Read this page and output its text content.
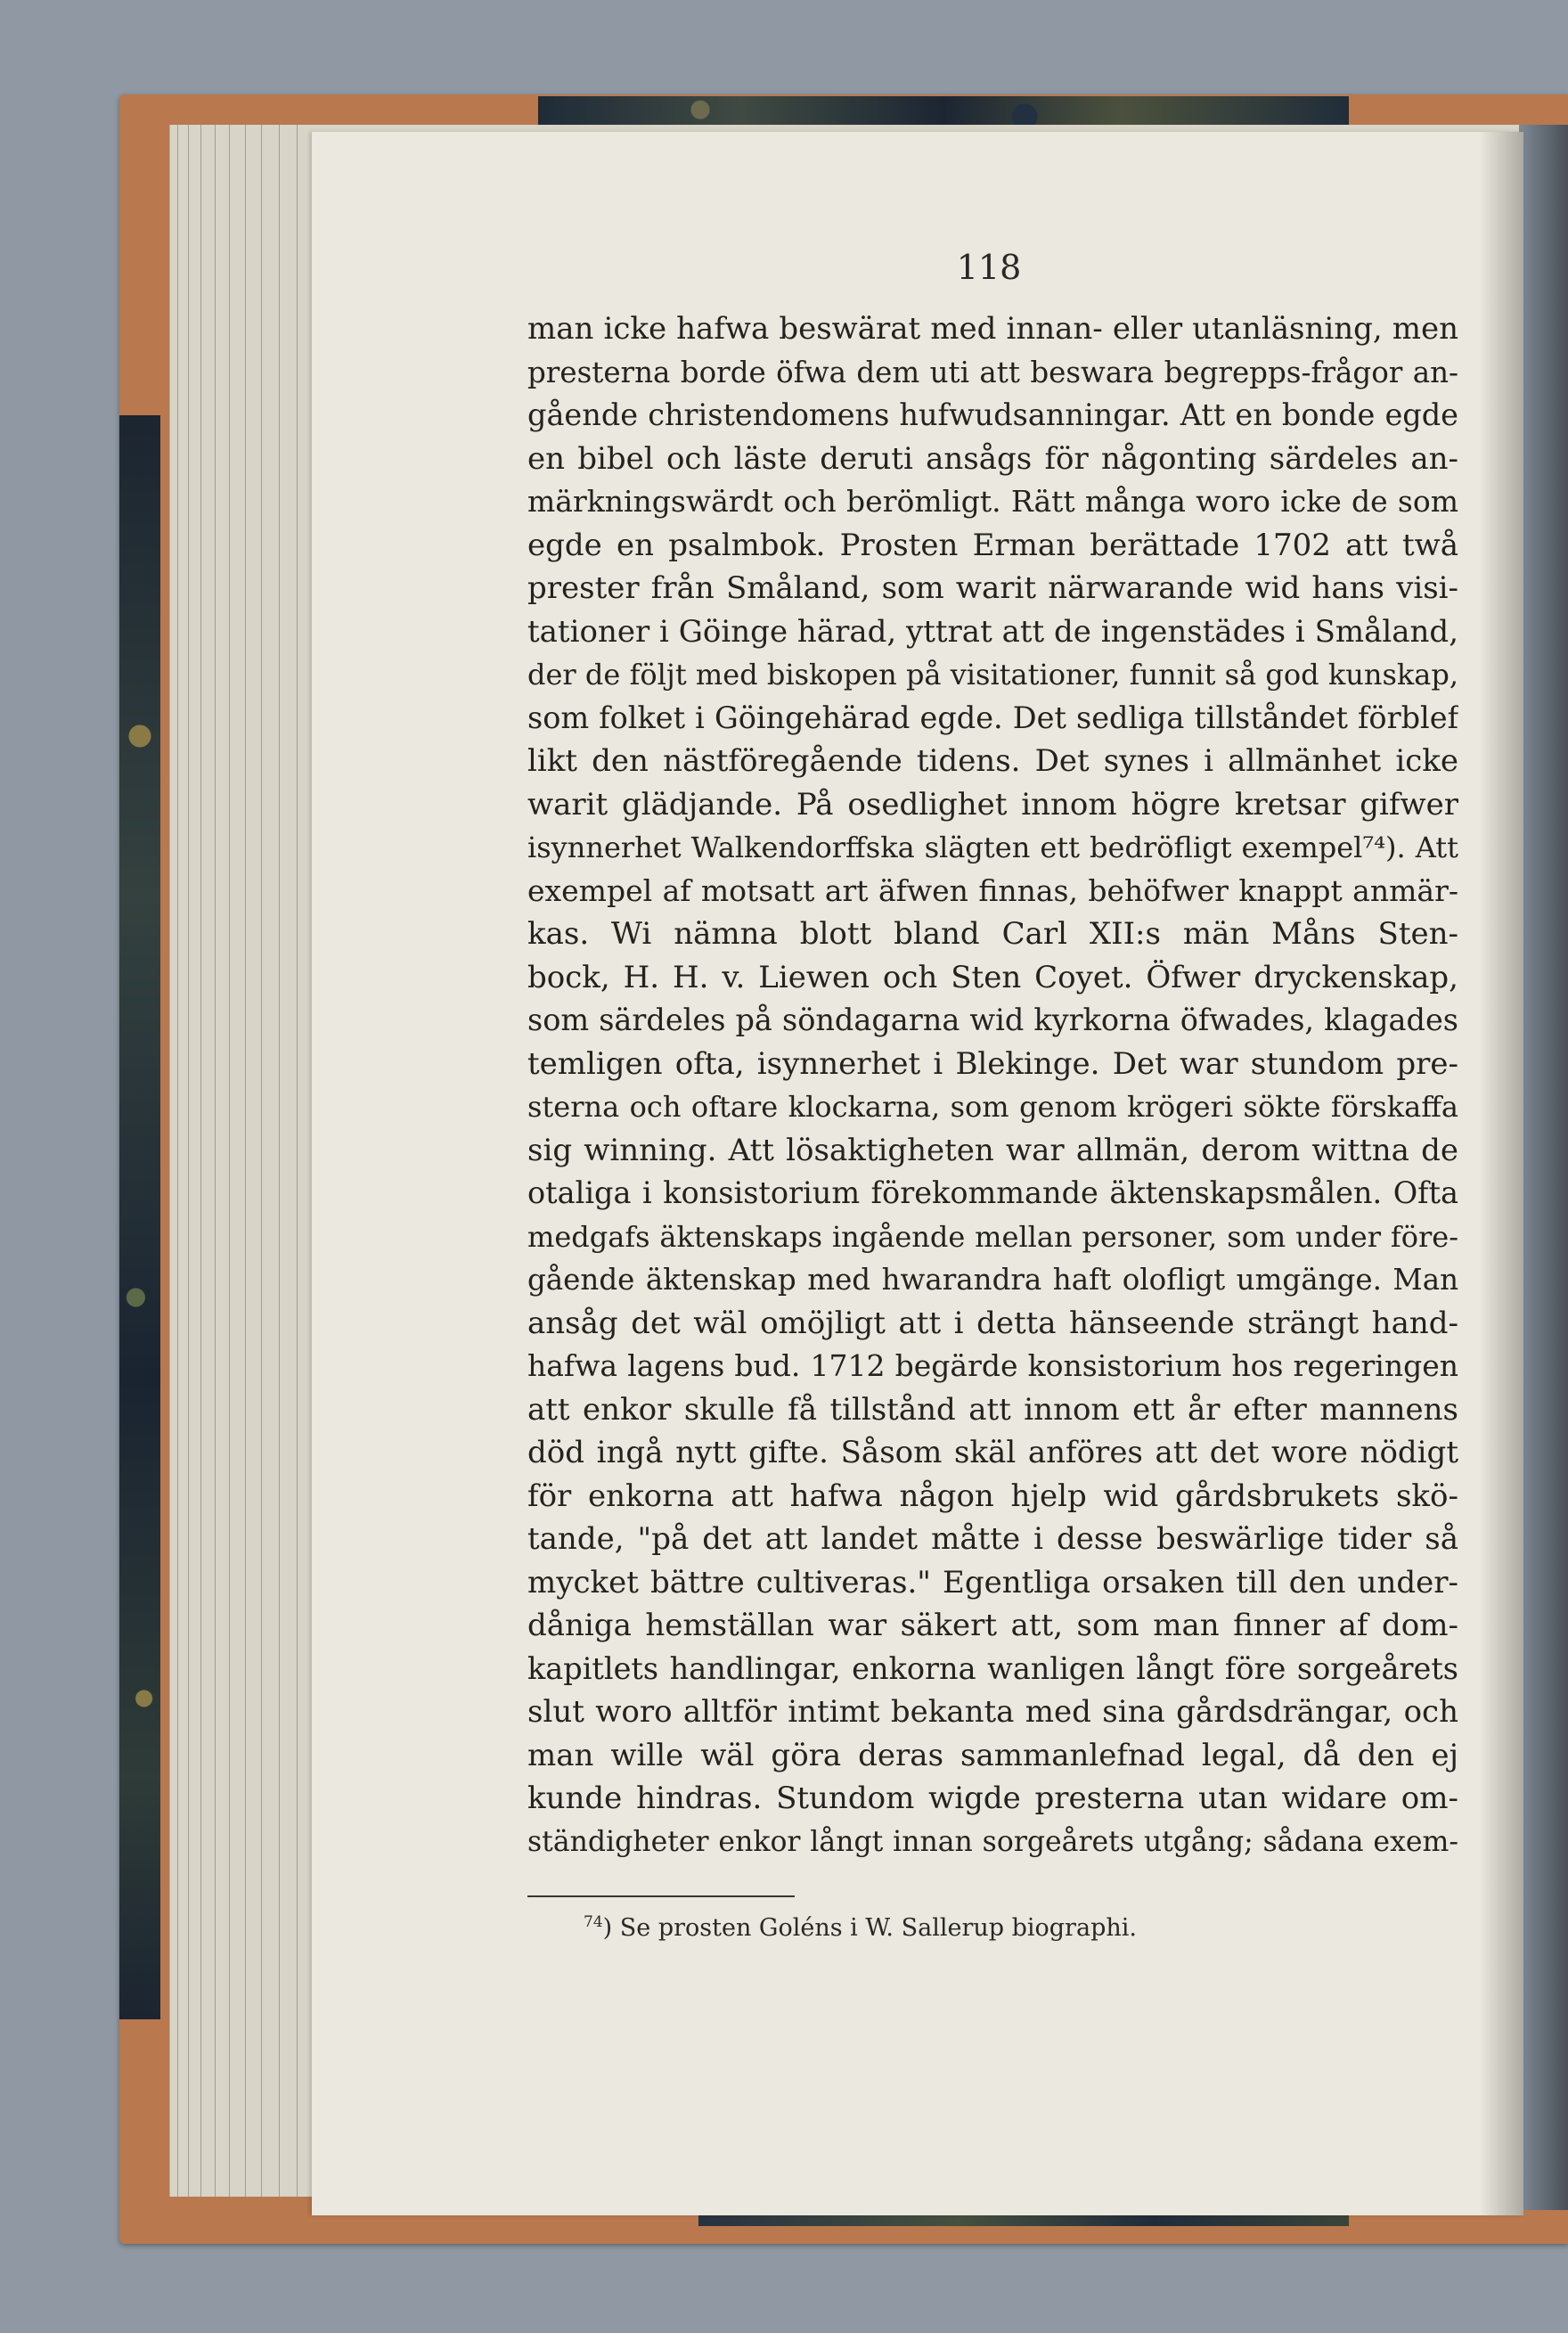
118
man icke hafwa beswärat med innan- eller utanläsning, men
presterna borde öfwa dem uti att beswara begrepps-frågor an-
gående christendomens hufwudsanningar. Att en bonde egde
en bibel och läste deruti ansågs för någonting särdeles an-
märkningswärdt och berömligt. Rätt många woro icke de som
egde en psalmbok. Prosten Erman berättade 1702 att twå
prester från Småland, som warit närwarande wid hans visi-
tationer i Göinge härad, yttrat att de ingenstädes i Småland,
der de följt med biskopen på visitationer, funnit så god kunskap,
som folket i Göingehärad egde. Det sedliga tillståndet förblef
likt den nästföregående tidens. Det synes i allmänhet icke
warit glädjande. På osedlighet innom högre kretsar gifwer
isynnerhet Walkendorffska slägten ett bedröfligt exempel⁷⁴). Att
exempel af motsatt art äfwen finnas, behöfwer knappt anmär-
kas. Wi nämna blott bland Carl XII:s män Måns Sten-
bock, H. H. v. Liewen och Sten Coyet. Öfwer dryckenskap,
som särdeles på söndagarna wid kyrkorna öfwades, klagades
temligen ofta, isynnerhet i Blekinge. Det war stundom pre-
sterna och oftare klockarna, som genom krögeri sökte förskaffa
sig winning. Att lösaktigheten war allmän, derom wittna de
otaliga i konsistorium förekommande äktenskapsmålen. Ofta
medgafs äktenskaps ingående mellan personer, som under före-
gående äktenskap med hwarandra haft olofligt umgänge. Man
ansåg det wäl omöjligt att i detta hänseende strängt hand-
hafwa lagens bud. 1712 begärde konsistorium hos regeringen
att enkor skulle få tillstånd att innom ett år efter mannens
död ingå nytt gifte. Såsom skäl anföres att det wore nödigt
för enkorna att hafwa någon hjelp wid gårdsbrukets skö-
tande, "på det att landet måtte i desse beswärlige tider så
mycket bättre cultiveras." Egentliga orsaken till den under-
dåniga hemställan war säkert att, som man finner af dom-
kapitlets handlingar, enkorna wanligen långt före sorgeårets
slut woro alltför intimt bekanta med sina gårdsdrängar, och
man wille wäl göra deras sammanlefnad legal, då den ej
kunde hindras. Stundom wigde presterna utan widare om-
ständigheter enkor långt innan sorgeårets utgång; sådana exem-
$^{74}$) Se prosten Goléns i W. Sallerup biographi.
